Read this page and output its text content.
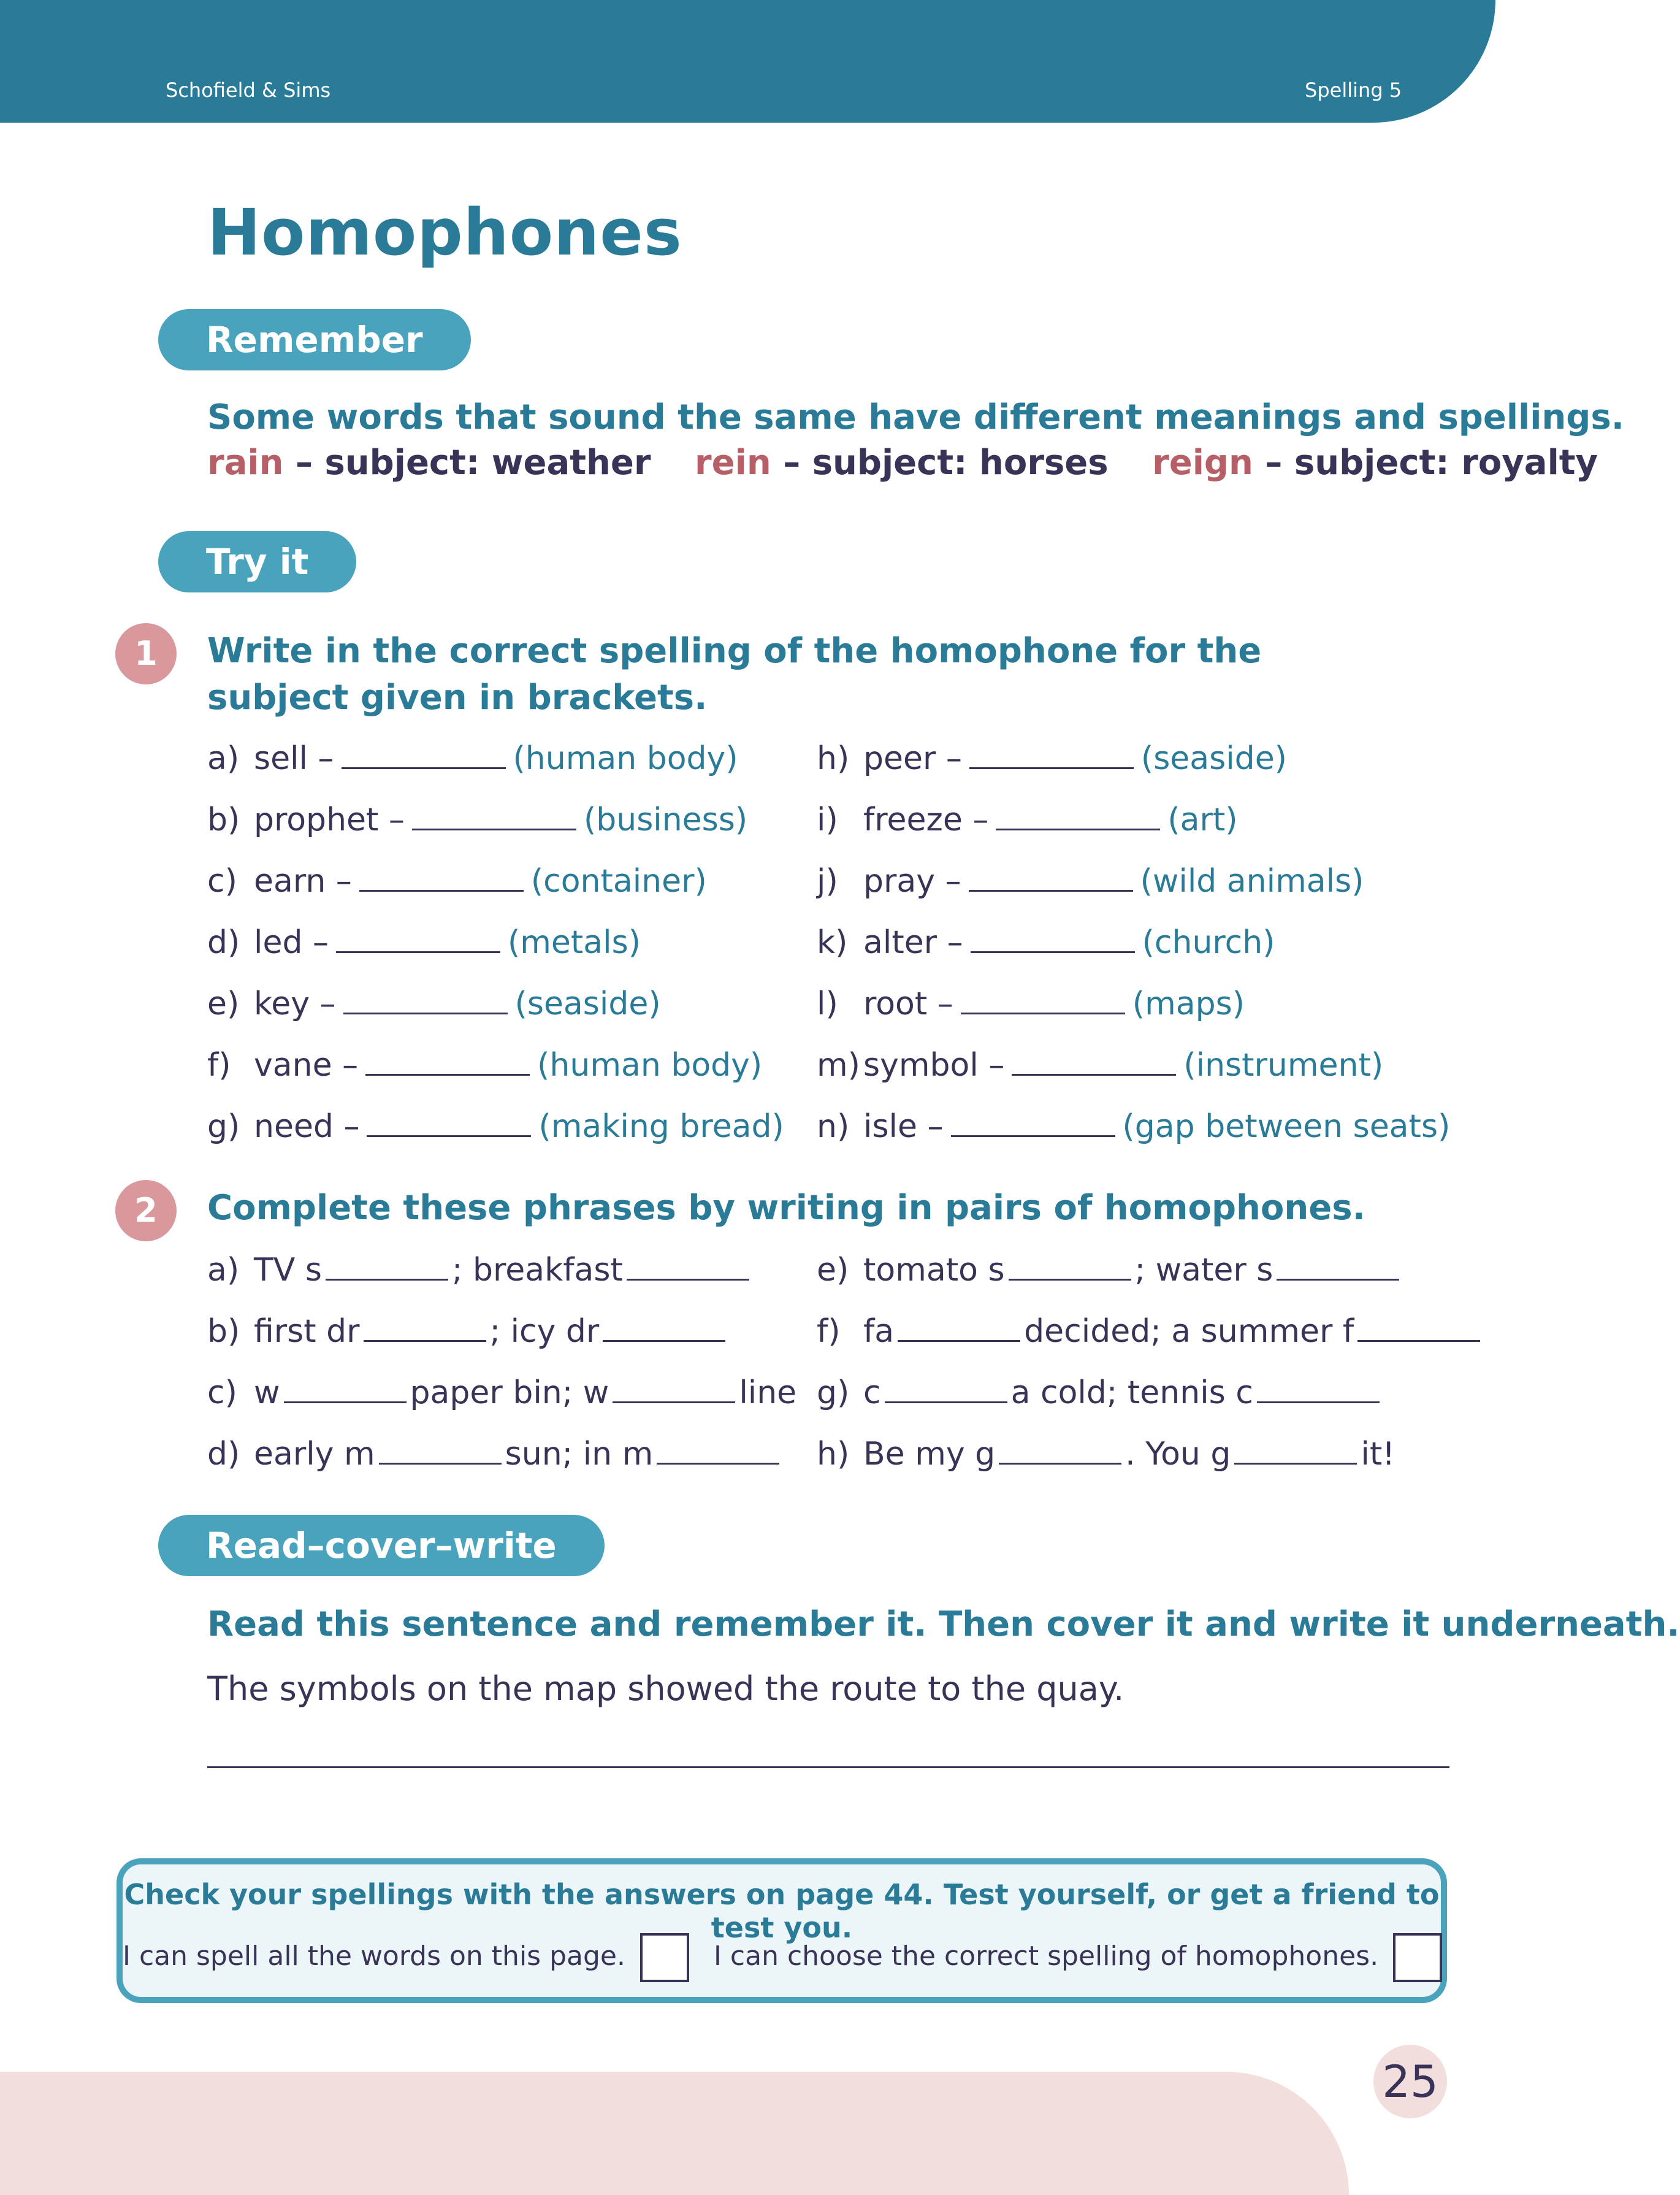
Schofield & Sims	Spelling 5
Homophones
Remember
Some words that sound the same have different meanings and spellings.
rain – subject: weather rein – subject: horses reign – subject: royalty
Try it
1	Write in the correct spelling of the homophone for the subject given in brackets.
a) sell –	(human body)
b) prophet –	(business)
c) earn –	(container)
d) led –	(metals)
e) key –	(seaside)
f) vane –	(human body)
g) need –	(making bread)
h) peer –	(seaside)
i) freeze –	(art)
j) pray –	(wild animals)
k) alter –	(church)
l) root –	(maps)
m)symbol –	(instrument)
n) isle –	(gap between seats)
2	Complete these phrases by writing in pairs of homophones.
a) TV s	; breakfast
b) first dr	; icy dr
c) w	paper bin; w	line
d) early m	sun; in m
e) tomato s	; water s
f) fa	decided; a summer f
g) c	a cold; tennis c
h) Be my g	. You g	it!
Read–cover–write
Read this sentence and remember it. Then cover it and write it underneath.
The symbols on the map showed the route to the quay.
Check your spellings with the answers on page 44. Test yourself, or get a friend to test you.
I can spell all the words on this page.	I can choose the correct spelling of homophones.
25
